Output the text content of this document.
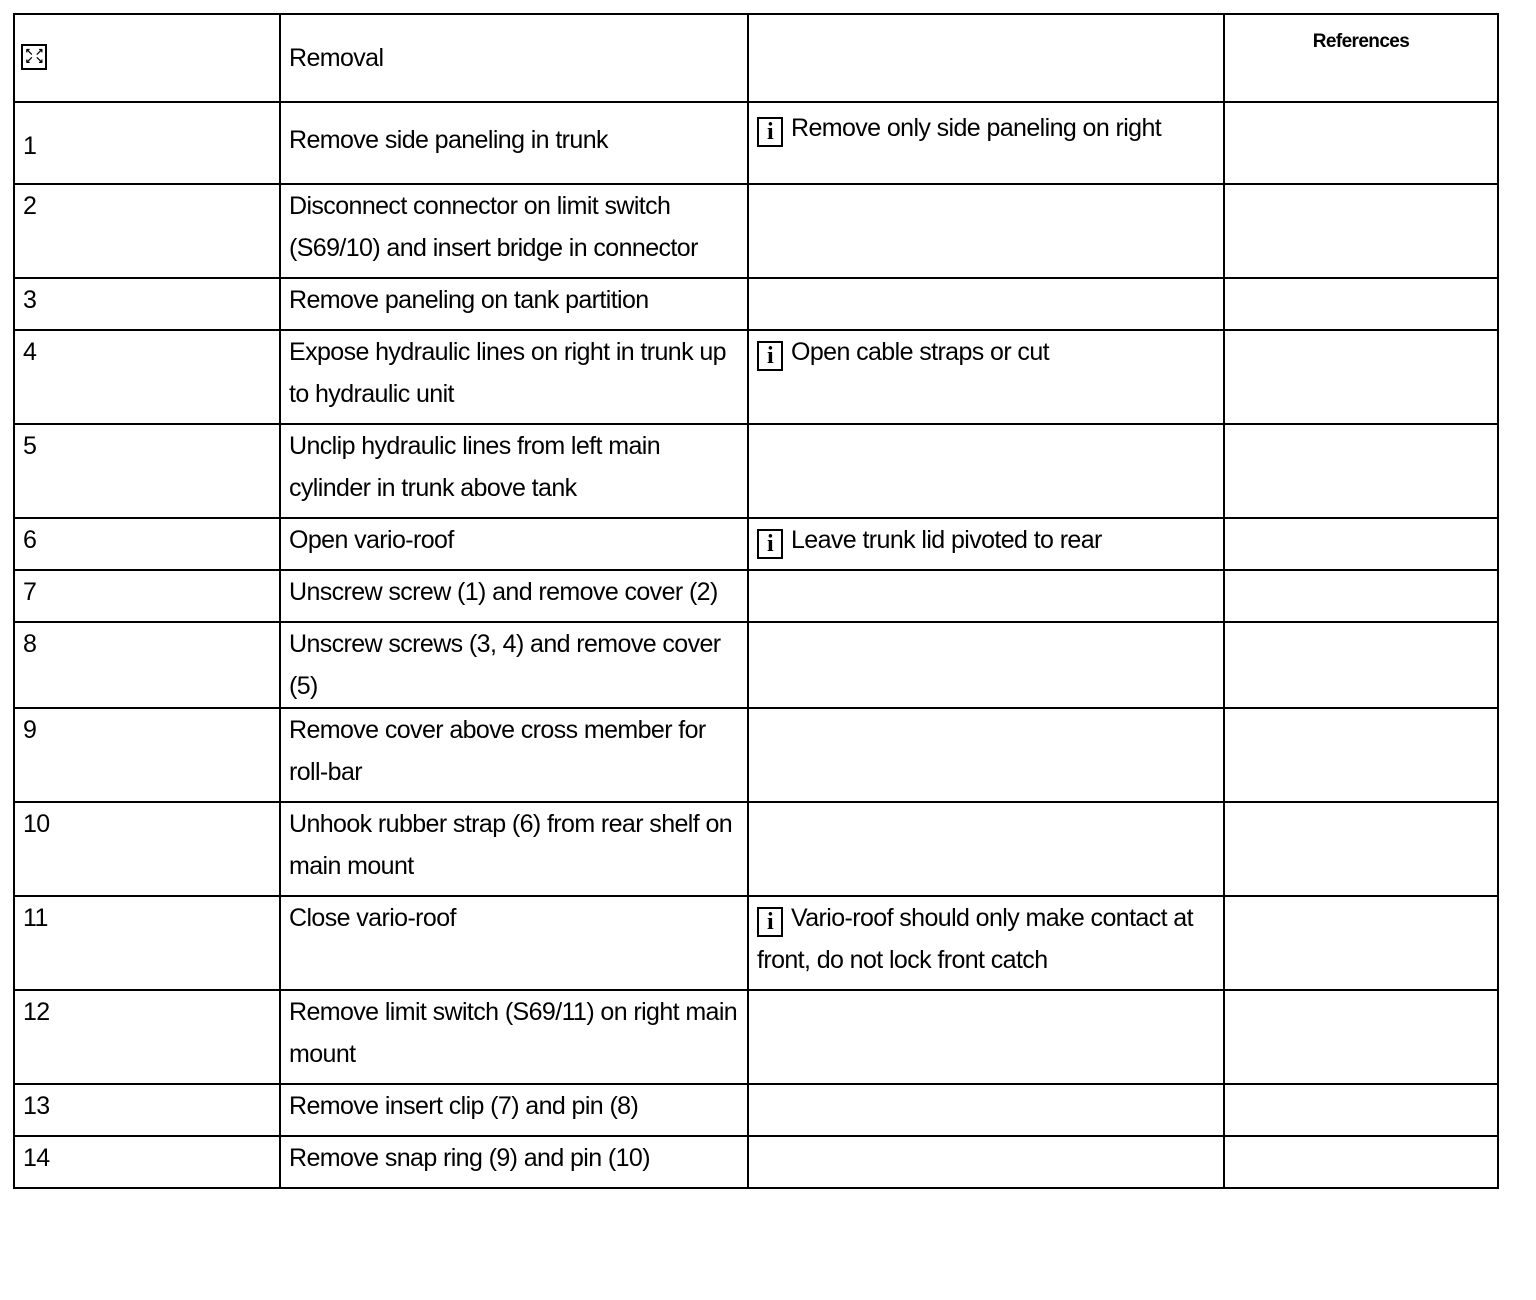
↖ ↗
↙ ↘	Removal		References
1	Remove side paneling in trunk	i Remove only side paneling on right	
2	Disconnect connector on limit switch (S69/10) and insert bridge in connector		
3	Remove paneling on tank partition		
4	Expose hydraulic lines on right in trunk up to hydraulic unit	i Open cable straps or cut	
5	Unclip hydraulic lines from left main cylinder in trunk above tank		
6	Open vario-roof	i Leave trunk lid pivoted to rear	
7	Unscrew screw (1) and remove cover (2)		
8	Unscrew screws (3, 4) and remove cover (5)		
9	Remove cover above cross member for roll-bar		
10	Unhook rubber strap (6) from rear shelf on main mount		
11	Close vario-roof	i Vario-roof should only make contact at front, do not lock front catch	
12	Remove limit switch (S69/11) on right main mount		
13	Remove insert clip (7) and pin (8)		
14	Remove snap ring (9) and pin (10)		
